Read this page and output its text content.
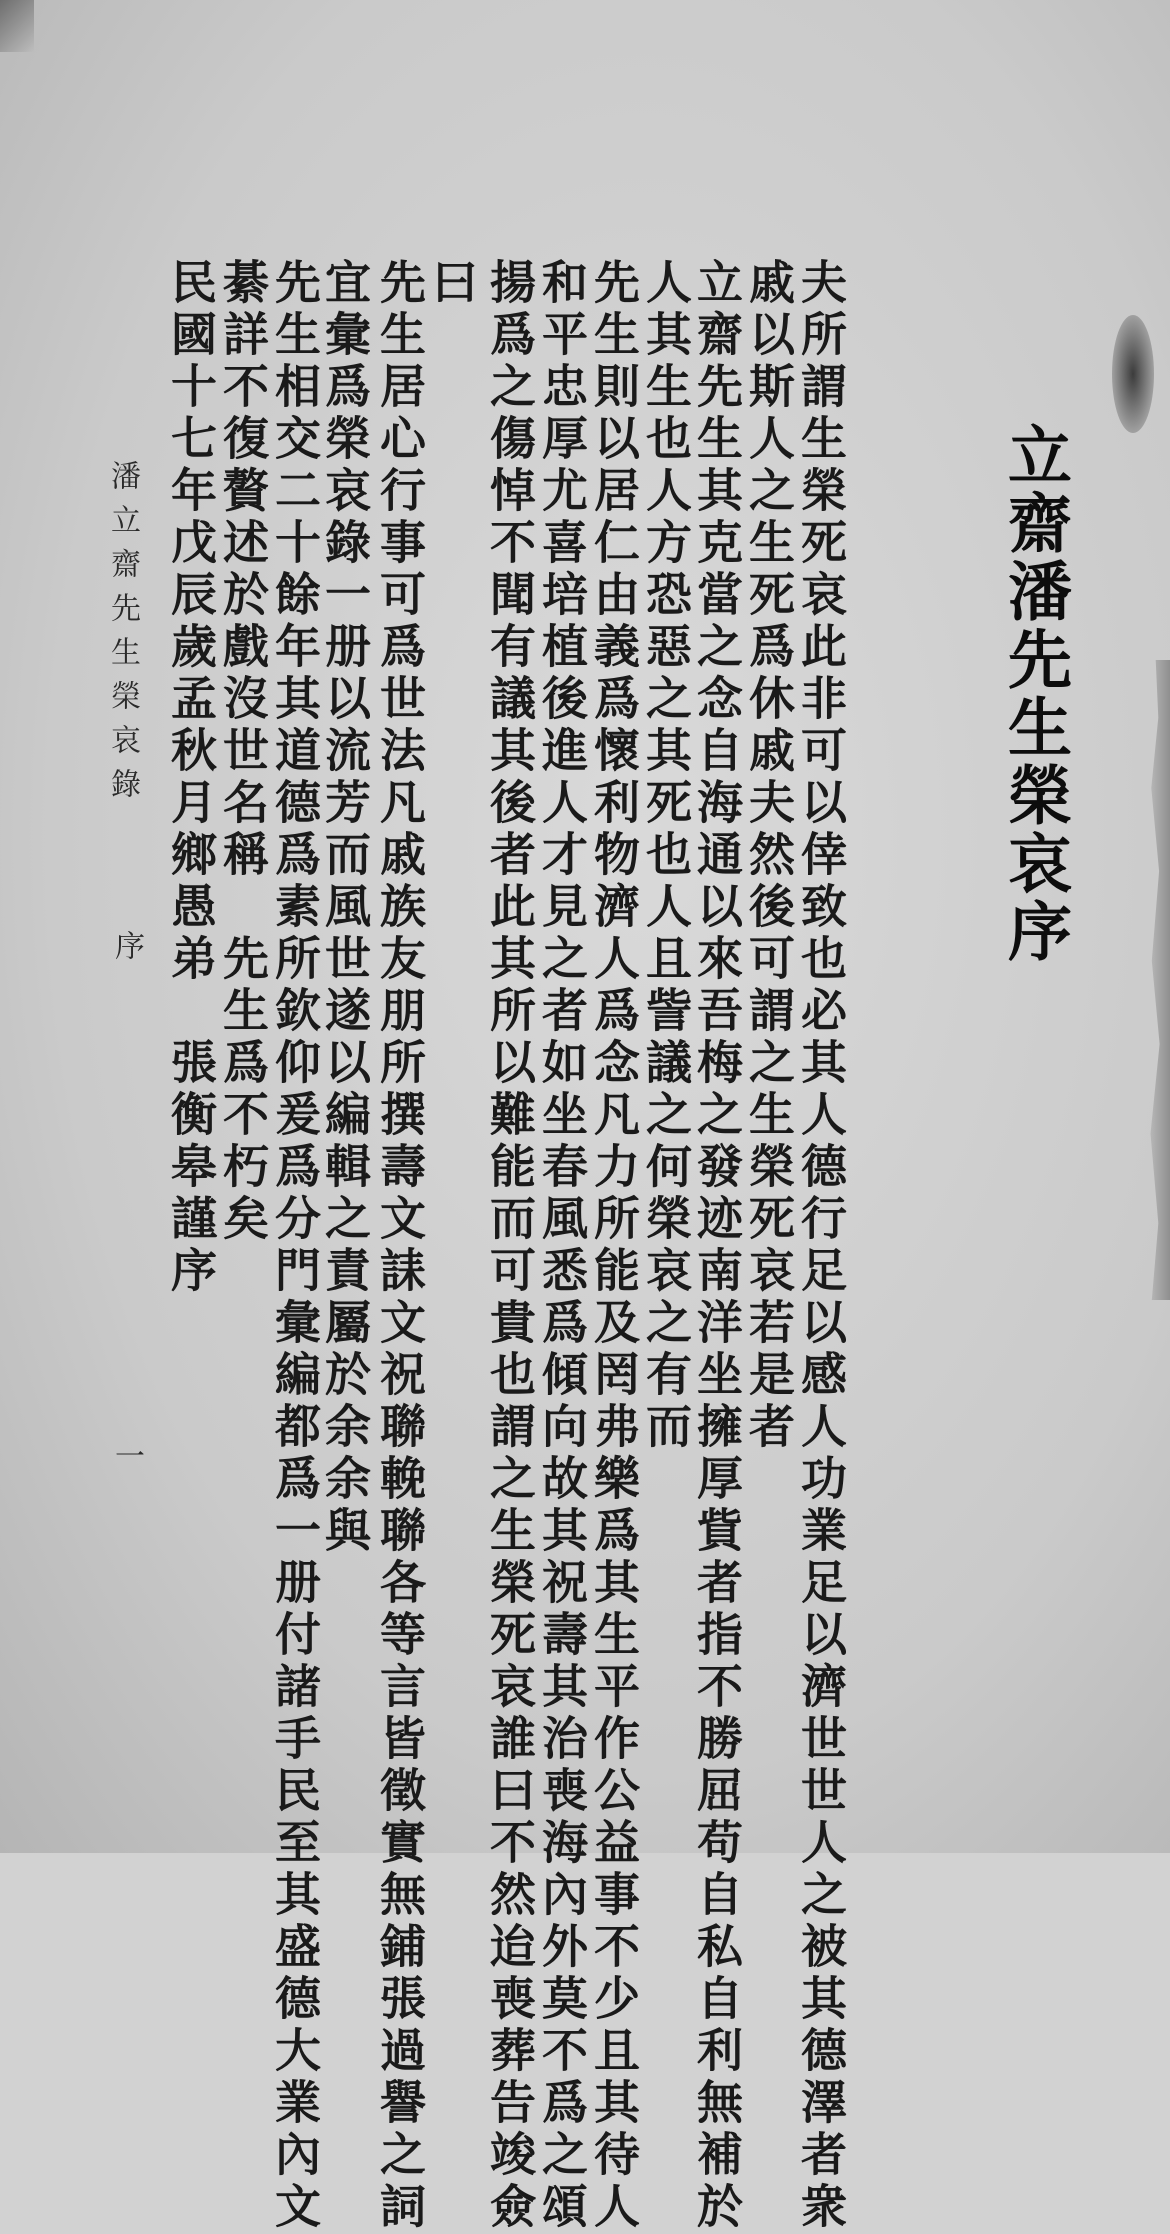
立齋潘先生榮哀序
夫所謂生榮死哀此非可以倖致也必其人德行足以感人功業足以濟世世人之被其德澤者衆
戚以斯人之生死爲休戚夫然後可謂之生榮死哀若是者
立齋先生其克當之念自海通以來吾梅之發迹南洋坐擁厚貲者指不勝屈苟自私自利無補於
人其生也人方恐惡之其死也人且訾議之何榮哀之有而
先生則以居仁由義爲懷利物濟人爲念凡力所能及罔弗樂爲其生平作公益事不少且其待人
和平忠厚尤喜培植後進人才見之者如坐春風悉爲傾向故其祝壽其治喪海內外莫不爲之頌
揚爲之傷悼不聞有議其後者此其所以難能而可貴也謂之生榮死哀誰曰不然迨喪葬告竣僉
曰
先生居心行事可爲世法凡戚族友朋所撰壽文誄文祝聯輓聯各等言皆徵實無鋪張過譽之詞
宜彙爲榮哀錄一册以流芳而風世遂以編輯之責屬於余余與
先生相交二十餘年其道德爲素所欽仰爰爲分門彙編都爲一册付諸手民至其盛德大業內文
綦詳不復贅述於戲沒世名稱　先生爲不朽矣
民國十七年戊辰歲孟秋月鄉愚弟　張衡皋謹序
潘立齋先生榮哀錄
序
一
